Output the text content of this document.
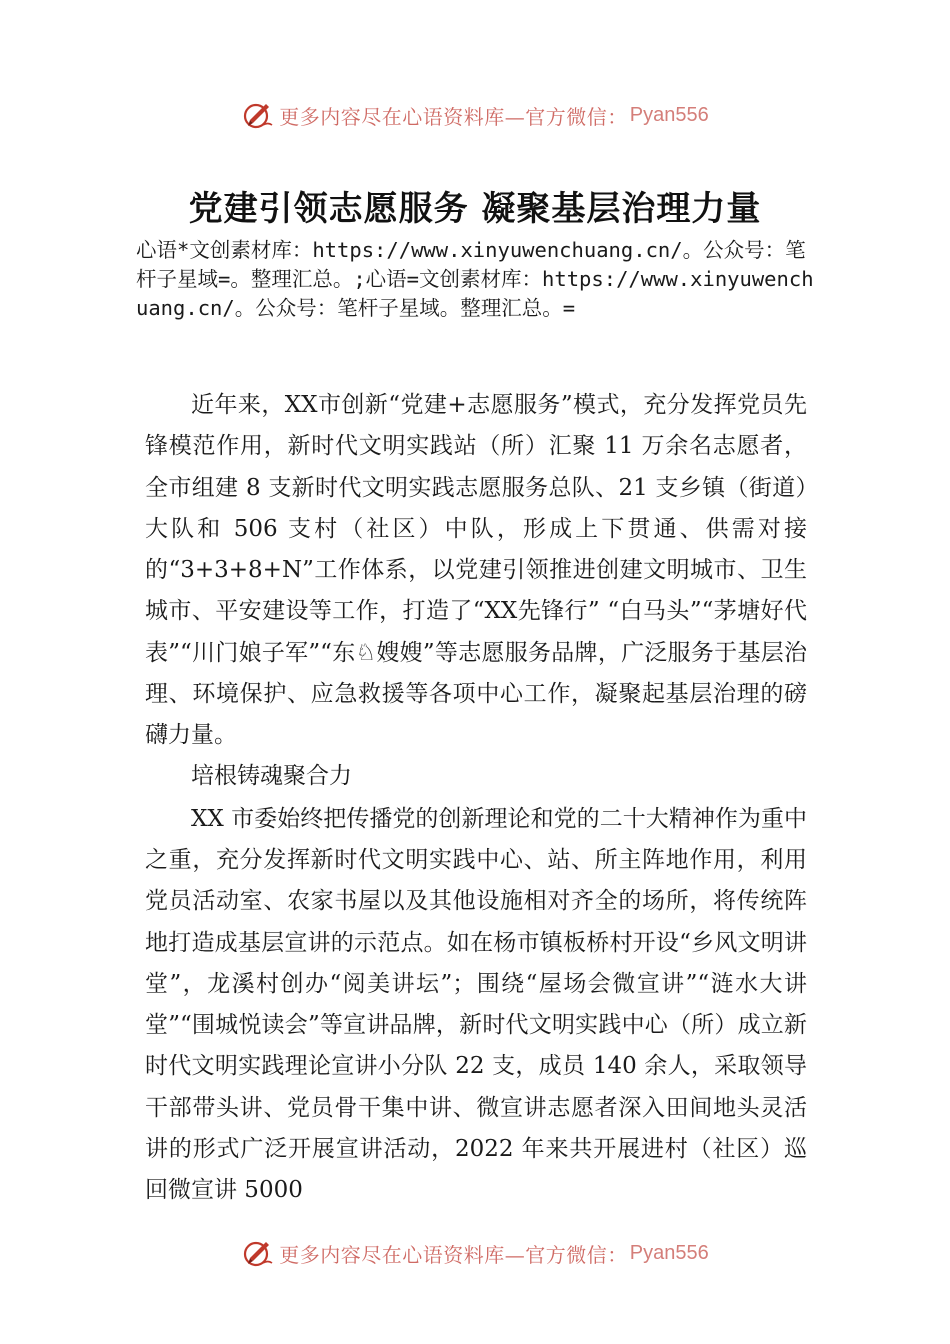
更多内容尽在心语资料库—官方微信： Pyan556
党建引领志愿服务 凝聚基层治理力量

心语*文创素材库：https://www.xinyuwenchuang.cn/。公众号：笔杆子星域=。整理汇总。;心语=文创素材库：https://www.xinyuwenchuang.cn/。公众号：笔杆子星域。整理汇总。=

近年来，XX市创新“党建+志愿服务”模式，充分发挥党员先锋模范作用，新时代文明实践站（所）汇聚 11 万余名志愿者，全市组建 8 支新时代文明实践志愿服务总队、21 支乡镇（街道）大队和 506 支村（社区）中队，形成上下贯通、供需对接的“3+3+8+N”工作体系，以党建引领推进创建文明城市、卫生城市、平安建设等工作，打造了“XX先锋行” “白马头”“茅塘好代表”“川门娘子军”“东♘嫂嫂”等志愿服务品牌，广泛服务于基层治理、环境保护、应急救援等各项中心工作，凝聚起基层治理的磅礴力量。

培根铸魂聚合力

XX 市委始终把传播党的创新理论和党的二十大精神作为重中之重，充分发挥新时代文明实践中心、站、所主阵地作用，利用党员活动室、农家书屋以及其他设施相对齐全的场所，将传统阵地打造成基层宣讲的示范点。如在杨市镇板桥村开设“乡风文明讲堂”，龙溪村创办“阅美讲坛”；围绕“屋场会微宣讲”“涟水大讲堂”“围城悦读会”等宣讲品牌，新时代文明实践中心（所）成立新时代文明实践理论宣讲小分队 22 支，成员 140 余人，采取领导干部带头讲、党员骨干集中讲、微宣讲志愿者深入田间地头灵活讲的形式广泛开展宣讲活动，2022 年来共开展进村（社区）巡回微宣讲 5000

更多内容尽在心语资料库—官方微信： Pyan556
